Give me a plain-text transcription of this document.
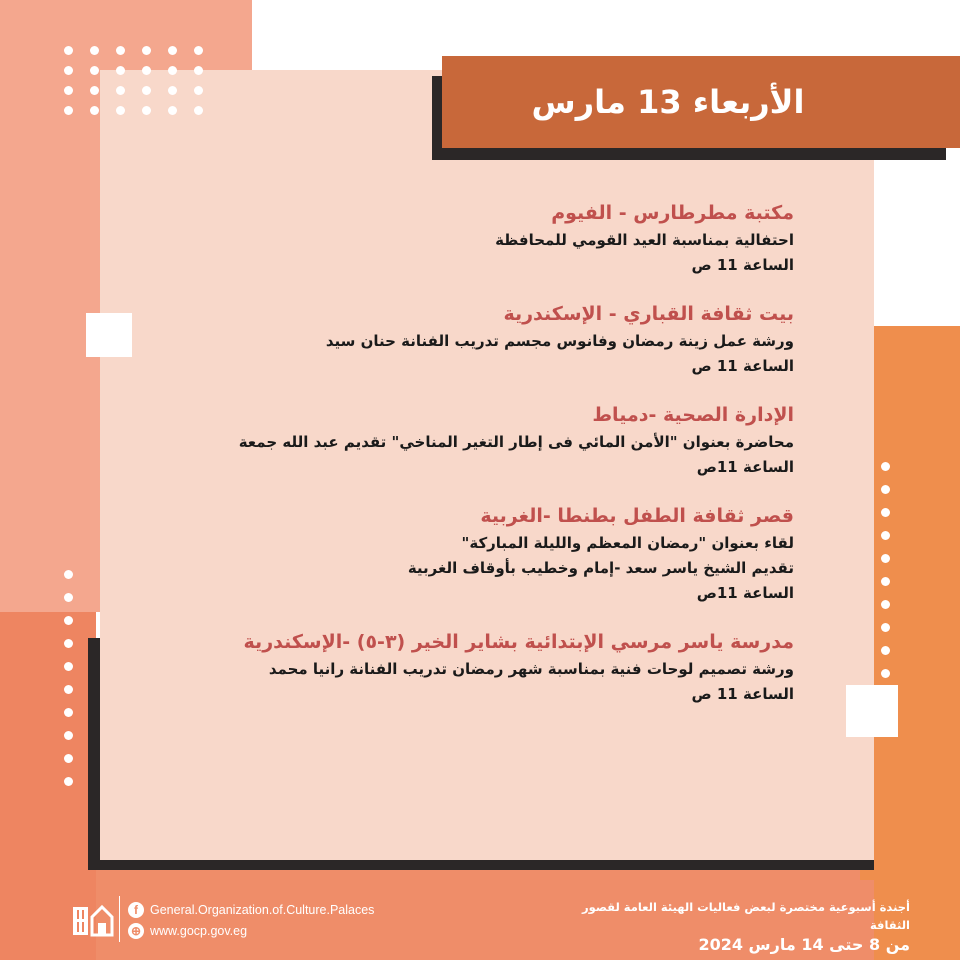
الأربعاء 13 مارس
مكتبة مطرطارس - الفيوم
احتفالية بمناسبة العيد القومي للمحافظة
الساعة 11 ص
بيت ثقافة القباري - الإسكندرية
ورشة عمل زينة رمضان وفانوس مجسم تدريب الفنانة حنان سيد
الساعة 11 ص
الإدارة الصحية -دمياط
محاضرة بعنوان "الأمن المائي فى إطار التغير المناخي" تقديم عبد الله جمعة
الساعة 11ص
قصر ثقافة الطفل بطنطا -الغربية
لقاء بعنوان "رمضان المعظم والليلة المباركة"
تقديم الشيخ ياسر سعد -إمام وخطيب بأوقاف الغربية
الساعة 11ص
مدرسة ياسر مرسي الإبتدائية بشاير الخير (٣-٥) -الإسكندرية
ورشة تصميم لوحات فنية بمناسبة شهر رمضان تدريب الفنانة رانيا محمد
الساعة 11 ص
f General.Organization.of.Culture.Palaces
⊕ www.gocp.gov.eg
أجندة أسبوعية مختصرة لبعض فعاليات الهيئة العامة لقصور الثقافة
من 8 حتى 14 مارس 2024
